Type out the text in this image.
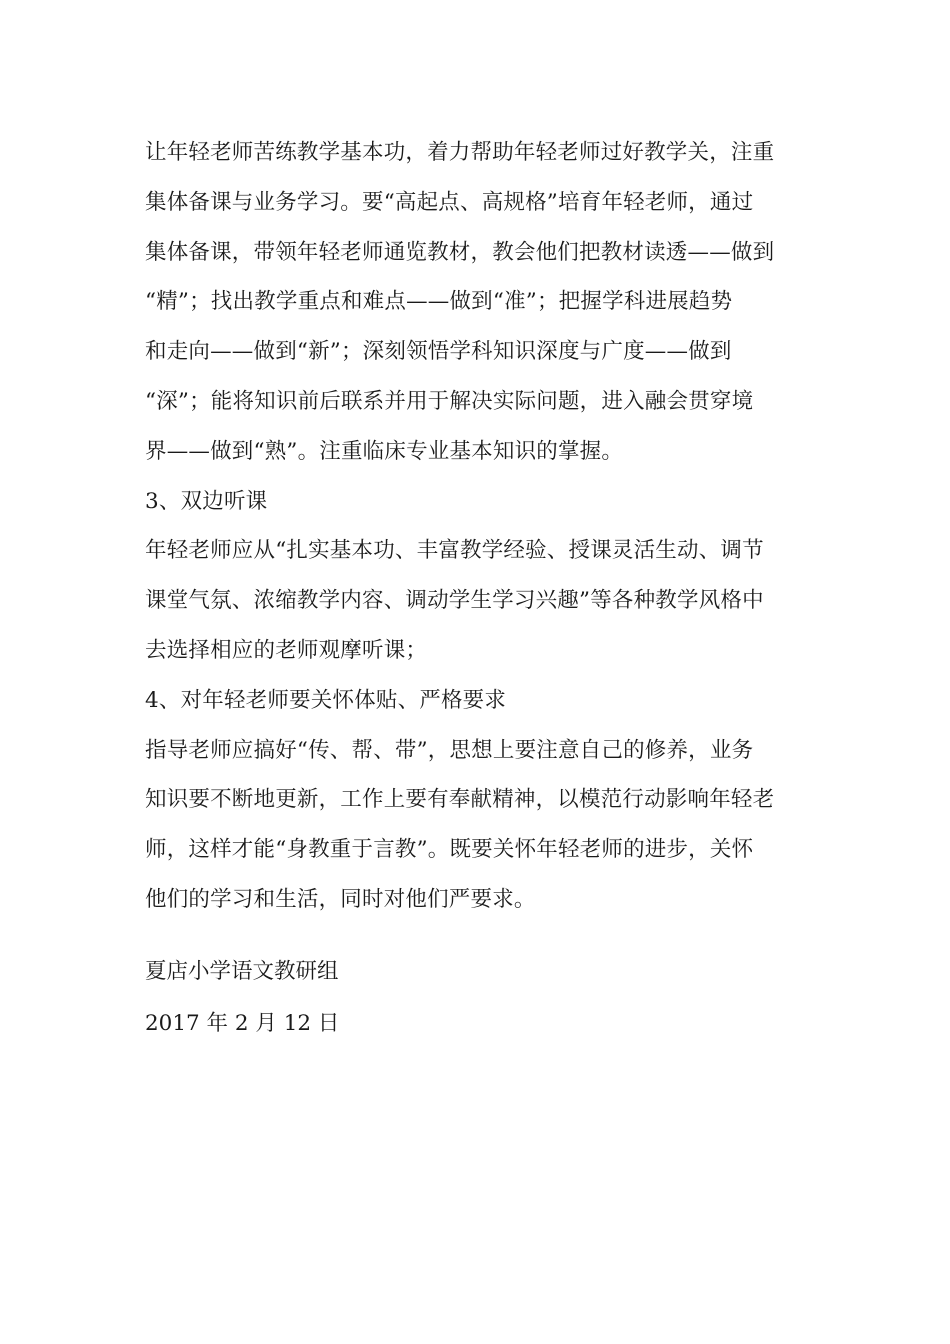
让年轻老师苦练教学基本功，着力帮助年轻老师过好教学关，注重
集体备课与业务学习。要“高起点、高规格”培育年轻老师，通过
集体备课，带领年轻老师通览教材，教会他们把教材读透——做到
“精”；找出教学重点和难点——做到“准”；把握学科进展趋势
和走向——做到“新”；深刻领悟学科知识深度与广度——做到
“深”；能将知识前后联系并用于解决实际问题，进入融会贯穿境
界——做到“熟”。注重临床专业基本知识的掌握。

3、双边听课

年轻老师应从“扎实基本功、丰富教学经验、授课灵活生动、调节
课堂气氛、浓缩教学内容、调动学生学习兴趣”等各种教学风格中
去选择相应的老师观摩听课；

4、对年轻老师要关怀体贴、严格要求

指导老师应搞好“传、帮、带”，思想上要注意自己的修养，业务
知识要不断地更新，工作上要有奉献精神，以模范行动影响年轻老
师，这样才能“身教重于言教”。既要关怀年轻老师的进步，关怀
他们的学习和生活，同时对他们严要求。

夏店小学语文教研组

2017 年 2 月 12 日
